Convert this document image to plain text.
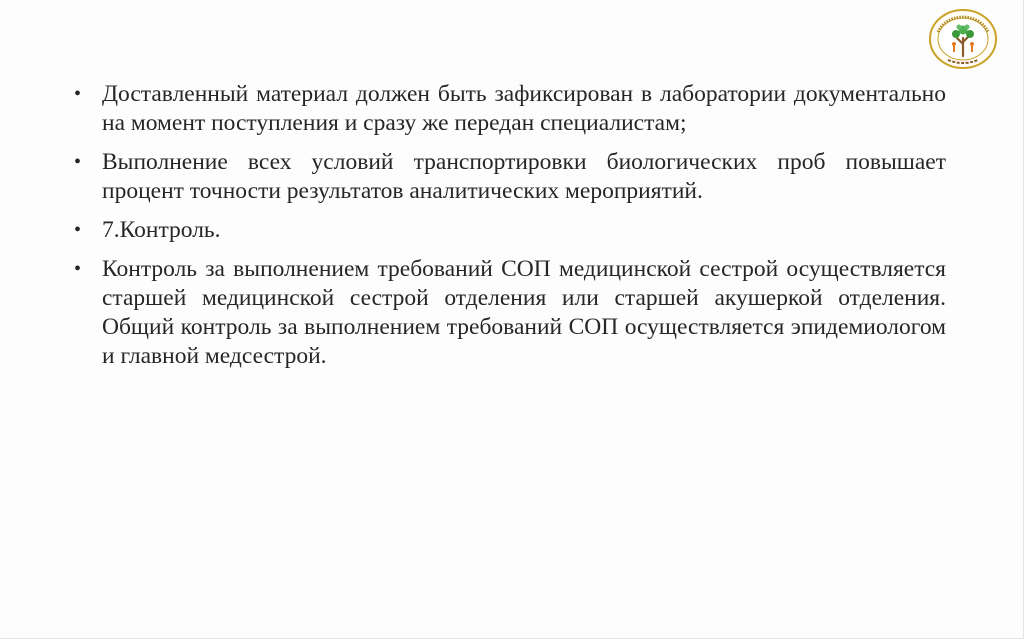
• Доставленный материал должен быть зафиксирован в лаборатории документально на момент поступления и сразу же передан специалистам;
• Выполнение всех условий транспортировки биологических проб повышает процент точности результатов аналитических мероприятий.
• 7.Контроль.
• Контроль за выполнением требований СОП медицинской сестрой осуществляется старшей медицинской сестрой отделения или старшей акушеркой отделения. Общий контроль за выполнением требований СОП осуществляется эпидемиологом и главной медсестрой.
